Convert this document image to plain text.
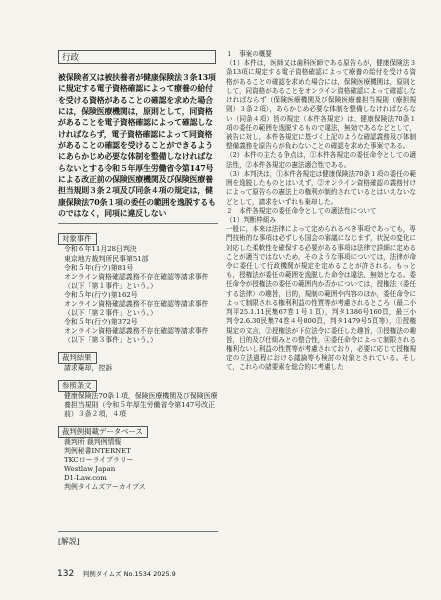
行政
被保険者又は被扶養者が健康保険法３条13項に規定する電子資格確認によって療養の給付を受ける資格があることの確認を求めた場合には，保険医療機関は，原則として，同資格があることを電子資格確認によって確認しなければならず，電子資格確認によって同資格があることの確認を受けることができるようにあらかじめ必要な体制を整備しなければならないとする令和５年厚生労働省令第147号による改正前の保険医療機関及び保険医療養担当規則３条２項及び同条４項の規定は，健康保険法70条１項の委任の範囲を逸脱するものではなく，同項に違反しない
対象事件
令和６年11月28日判決
東京地方裁判所民事第51部
令和５年(行ウ)第81号
オンライン資格確認義務不存在確認等請求事件（以下「第１事件」という。）
令和５年(行ウ)第162号
オンライン資格確認義務不存在確認等請求事件（以下「第２事件」という。）
令和５年(行ウ)第372号
オンライン資格確認義務不存在確認等請求事件（以下「第３事件」という。）
裁判結果
請求棄却，控訴
参照条文
健康保険法70条１項，保険医療機関及び保険医療養担当規則（令和５年厚生労働省令第147号改正前）３条２項，４項
裁判例掲載データベース
裁判所 裁判例情報
判例秘書INTERNET
TKCローライブラリー
Westlaw Japan
D1-Law.com
判例タイムズアーカイブス
[解説]

１　事案の概要

（1）本件は，医師又は歯科医師である原告らが，健康保険法３条13項に規定する電子資格確認によって療養の給付を受ける資格があることの確認を求めた場合には，保険医療機関は，原則として，同資格があることをオンライン資格確認によって確認しなければならず（保険医療機関及び保険医療養担当規則（療担規則）３条２項），あらかじめ必要な体制を整備しなければならない（同条４項）旨の規定（本件各規定）は，健康保険法70条１項の委任の範囲を逸脱するもので違法，無効であるなどとして，被告に対し，本件各規定に基づく上記のような確認義務及び体制整備義務を原告らが負わないことの確認を求めた事案である。

（2）本件の主たる争点は，①本件各規定の委任命令としての適法性，②本件各規定の憲法適合性である。

（3）本判決は，①本件各規定は健康保険法70条１項の委任の範囲を逸脱したものとはいえず，②オンライン資格確認の義務付けによって原告らの憲法上の権利が制約されているとはいえないなどとして，請求をいずれも棄却した。

２　本件各規定の委任命令としての適法性について

（1）判断枠組み

一般に，本来は法律によって定められるべき事項であっても，専門技術的な事項は必ずしも国会の審議になじまず，状況の変化に対応した柔軟性を確保する必要がある事項は法律で詳細に定めることが適当ではないため，そのような事項については，法律が命令に委任して行政機関が規定を定めることが許される。もっとも，授権法が委任の範囲を逸脱した命令は違法，無効となる。委任命令が授権法の委任の範囲内か否かについては，授権法（委任する法律）の趣旨，目的，規制の範囲や内容のほか，委任命令によって制限される権利利益の性質等が考慮されるところ（最二小判平25.1.11民集67巻１号１頁），判タ1386号160頁，最三小判令2.6.30民集74巻４号800頁，判タ1479号5頁等），①授権規定の文言，②授権法が下位法令に委任した趣旨，③授権法の趣旨，目的及び仕組みとの整合性，④委任命令によって制限される権利ないし利益の性質等が考慮されており，必要に応じて授権規定の立法過程における議論等も検討の対象とされている。そして，これらの諸要素を総合的に考慮した

132 判例タイムズ No.1534 2025.9
